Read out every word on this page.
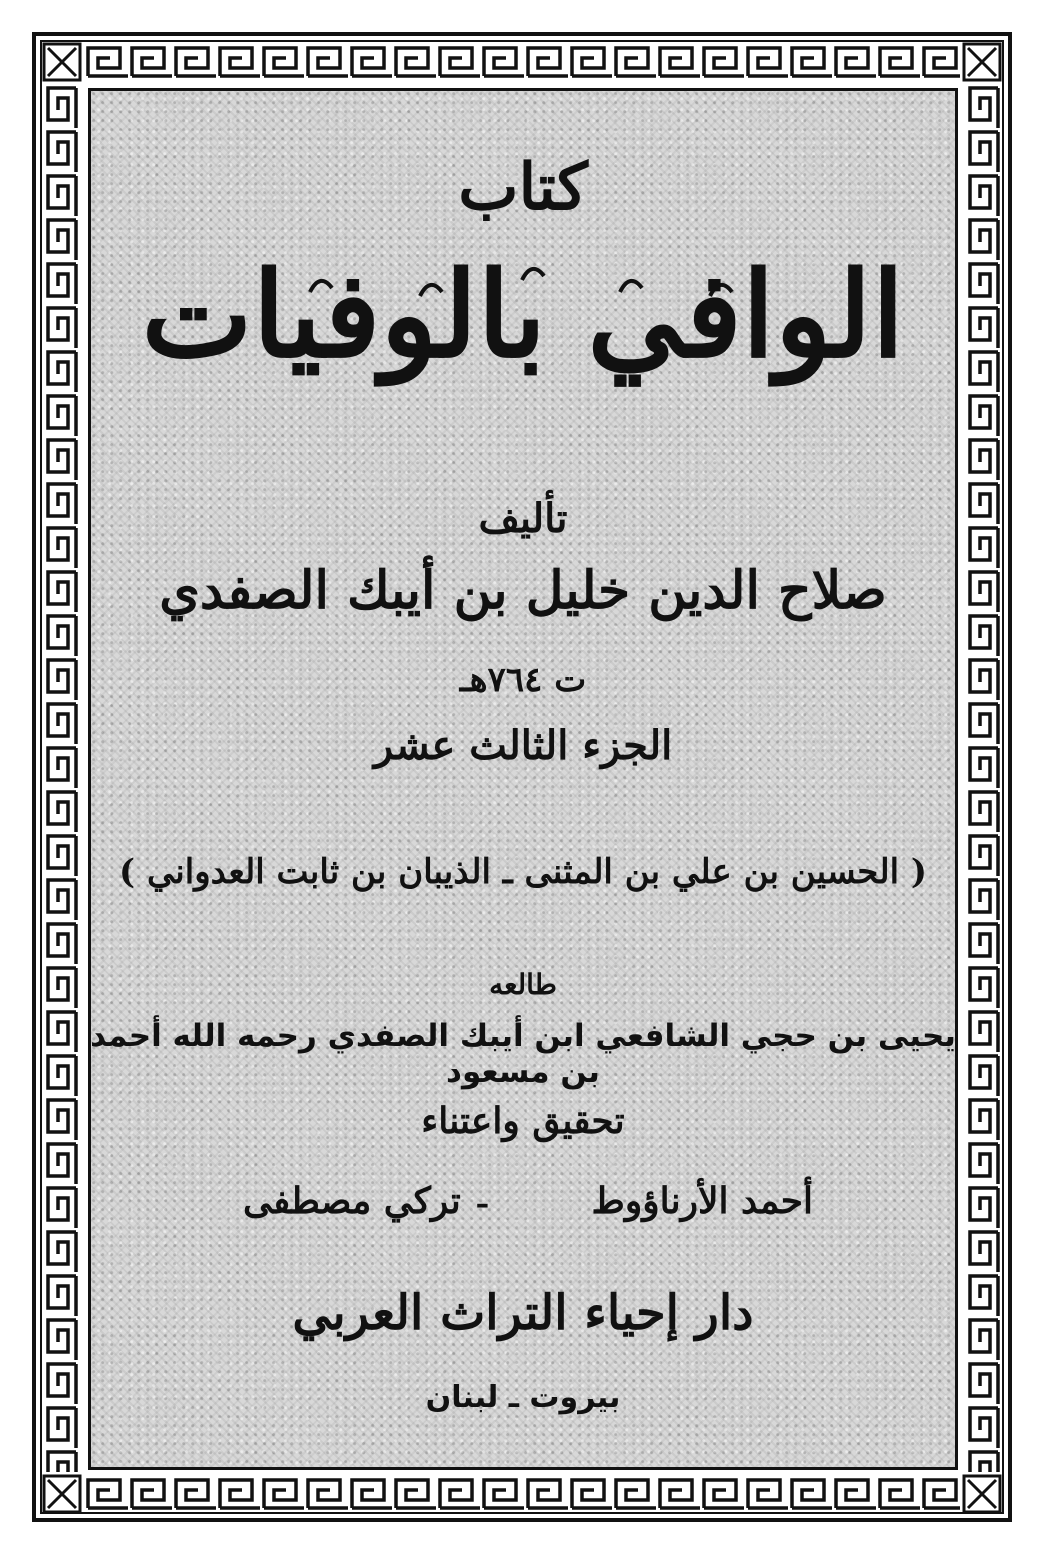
كتاب
الوافي بالوفيات
تأليف
صلاح الدين خليل بن أيبك الصفدي
ت ٧٦٤هـ
الجزء الثالث عشر
( الحسين بن علي بن المثنى ـ الذيبان بن ثابت العدواني )
طالعه
يحيى بن حجي الشافعي ابن أيبك الصفدي رحمه الله أحمد بن مسعود
تحقيق واعتناء
أحمد الأرناؤوط
ـ
تركي مصطفى
دار إحياء التراث العربي
بيروت ـ لبنان
